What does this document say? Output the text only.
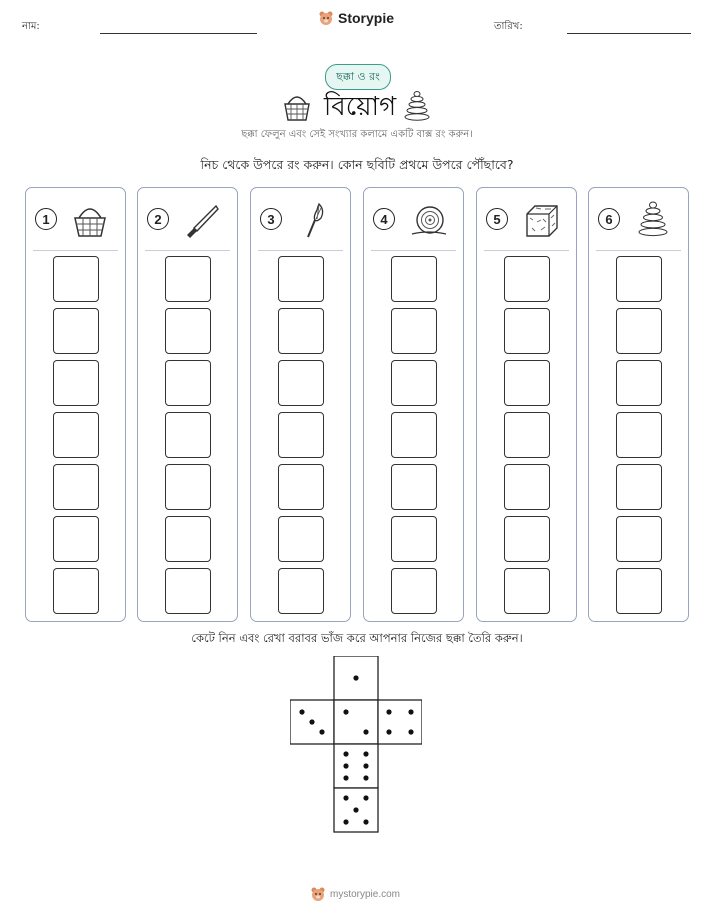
নাম:
Storypie
তারিখ:
ছক্কা ও রং
বিয়োগ
ছক্কা ফেলুন এবং সেই সংখ্যার কলামে একটি বাক্স রং করুন।
নিচ থেকে উপরে রং করুন। কোন ছবিটি প্রথমে উপরে পৌঁছাবে?
1	2	3	4	5	6
কেটে নিন এবং রেখা বরাবর ভাঁজ করে আপনার নিজের ছক্কা তৈরি করুন।
mystorypie.com
